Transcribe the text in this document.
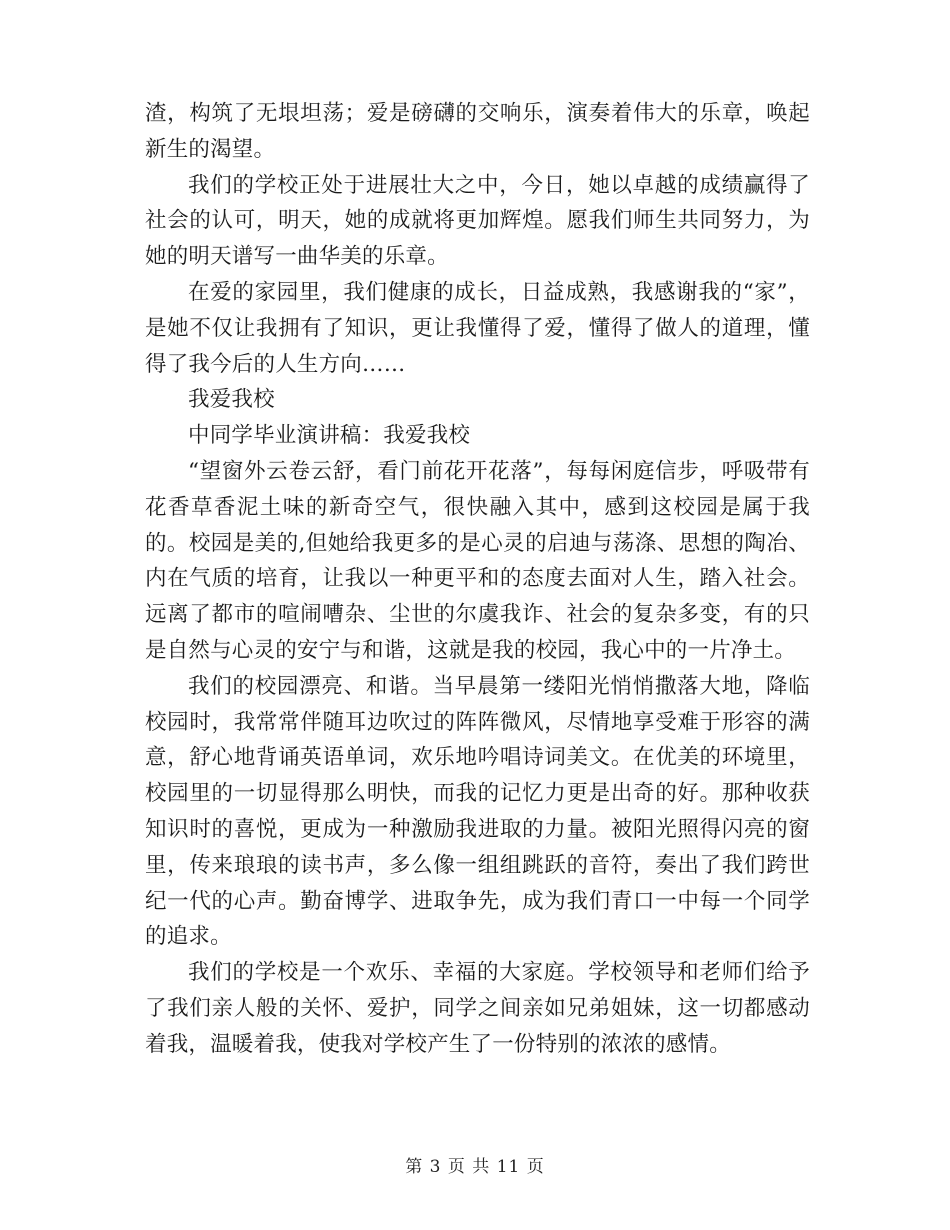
渣，构筑了无垠坦荡；爱是磅礴的交响乐，演奏着伟大的乐章，唤起新生的渴望。

我们的学校正处于进展壮大之中，今日，她以卓越的成绩赢得了社会的认可，明天，她的成就将更加辉煌。愿我们师生共同努力，为她的明天谱写一曲华美的乐章。

在爱的家园里，我们健康的成长，日益成熟，我感谢我的“家”，是她不仅让我拥有了知识，更让我懂得了爱，懂得了做人的道理，懂得了我今后的人生方向……

我爱我校

中同学毕业演讲稿：我爱我校

“望窗外云卷云舒，看门前花开花落”，每每闲庭信步，呼吸带有花香草香泥土味的新奇空气，很快融入其中，感到这校园是属于我的。校园是美的,但她给我更多的是心灵的启迪与荡涤、思想的陶冶、内在气质的培育，让我以一种更平和的态度去面对人生，踏入社会。远离了都市的喧闹嘈杂、尘世的尔虞我诈、社会的复杂多变，有的只是自然与心灵的安宁与和谐，这就是我的校园，我心中的一片净土。

我们的校园漂亮、和谐。当早晨第一缕阳光悄悄撒落大地，降临校园时，我常常伴随耳边吹过的阵阵微风，尽情地享受难于形容的满意，舒心地背诵英语单词，欢乐地吟唱诗词美文。在优美的环境里，校园里的一切显得那么明快，而我的记忆力更是出奇的好。那种收获知识时的喜悦，更成为一种激励我进取的力量。被阳光照得闪亮的窗里，传来琅琅的读书声，多么像一组组跳跃的音符，奏出了我们跨世纪一代的心声。勤奋博学、进取争先，成为我们青口一中每一个同学的追求。

我们的学校是一个欢乐、幸福的大家庭。学校领导和老师们给予了我们亲人般的关怀、爱护，同学之间亲如兄弟姐妹，这一切都感动着我，温暖着我，使我对学校产生了一份特别的浓浓的感情。

第 3 页 共 11 页
